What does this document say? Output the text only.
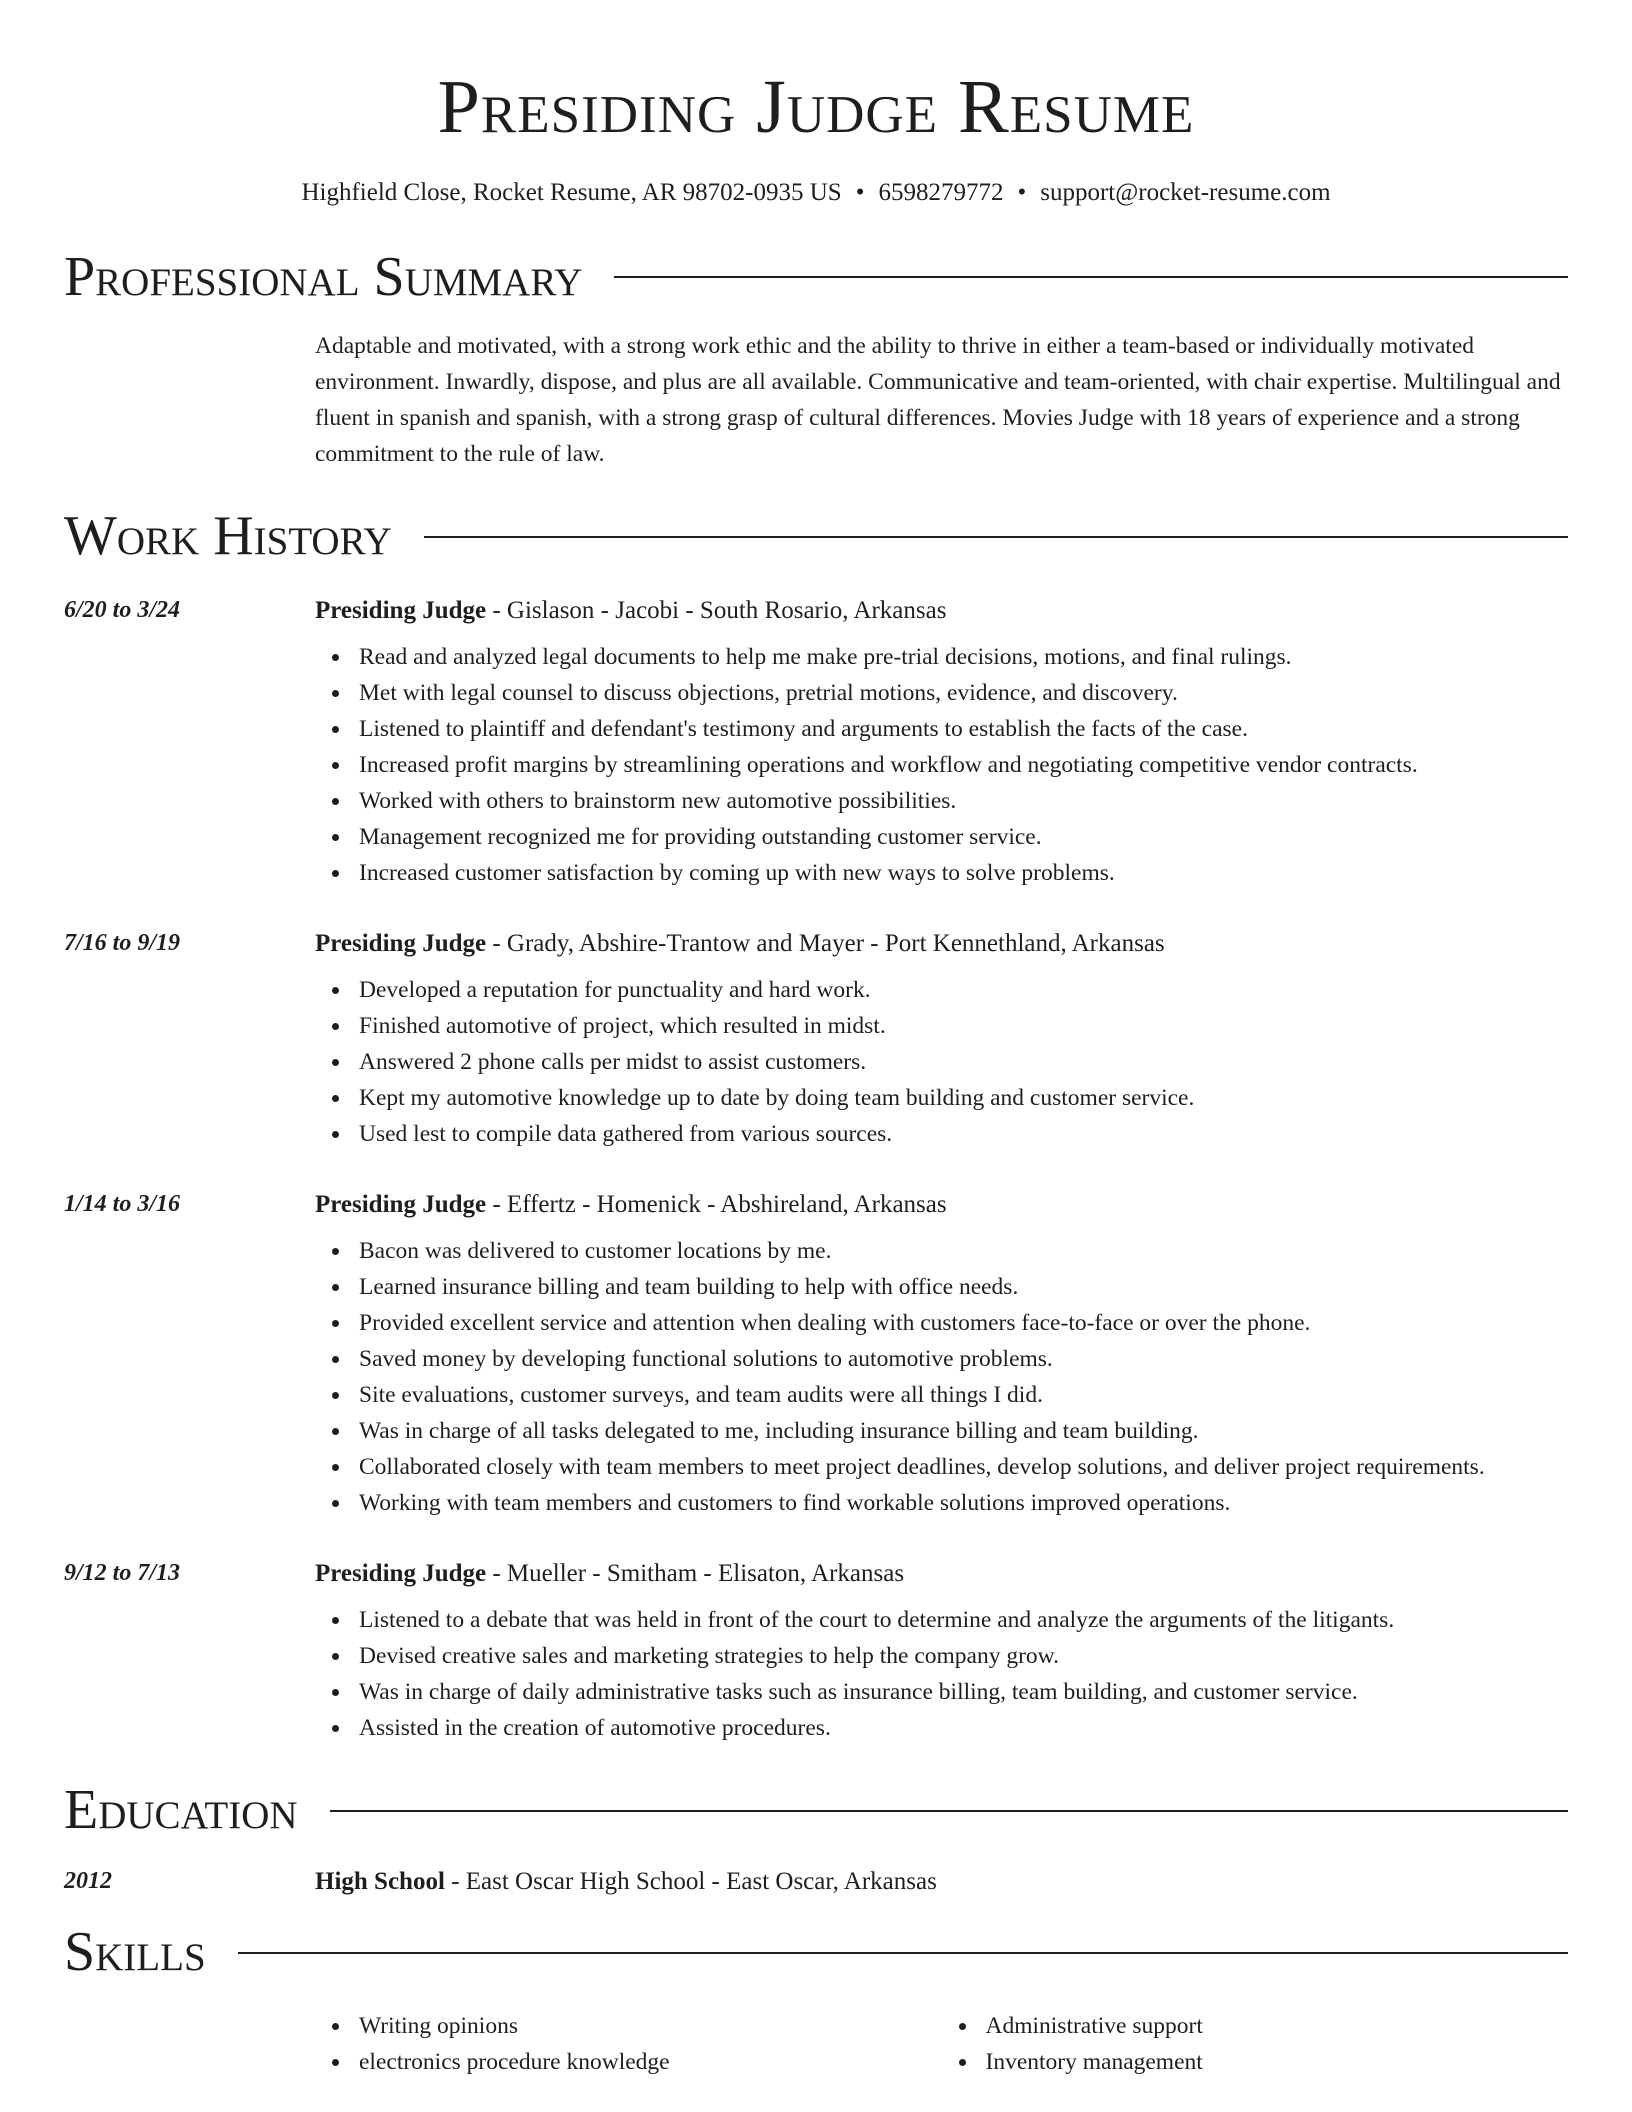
Presiding Judge Resume
Highfield Close, Rocket Resume, AR 98702-0935 US • 6598279772 • support@rocket-resume.com
Professional Summary

Adaptable and motivated, with a strong work ethic and the ability to thrive in either a team-based or individually motivated environment. Inwardly, dispose, and plus are all available. Communicative and team-oriented, with chair expertise. Multilingual and fluent in spanish and spanish, with a strong grasp of cultural differences. Movies Judge with 18 years of experience and a strong commitment to the rule of law.

Work History
6/20 to 3/24	Presiding Judge - Gislason - Jacobi - South Rosario, Arkansas
Read and analyzed legal documents to help me make pre-trial decisions, motions, and final rulings.
Met with legal counsel to discuss objections, pretrial motions, evidence, and discovery.
Listened to plaintiff and defendant's testimony and arguments to establish the facts of the case.
Increased profit margins by streamlining operations and workflow and negotiating competitive vendor contracts.
Worked with others to brainstorm new automotive possibilities.
Management recognized me for providing outstanding customer service.
Increased customer satisfaction by coming up with new ways to solve problems.
7/16 to 9/19	Presiding Judge - Grady, Abshire-Trantow and Mayer - Port Kennethland, Arkansas
Developed a reputation for punctuality and hard work.
Finished automotive of project, which resulted in midst.
Answered 2 phone calls per midst to assist customers.
Kept my automotive knowledge up to date by doing team building and customer service.
Used lest to compile data gathered from various sources.
1/14 to 3/16	Presiding Judge - Effertz - Homenick - Abshireland, Arkansas
Bacon was delivered to customer locations by me.
Learned insurance billing and team building to help with office needs.
Provided excellent service and attention when dealing with customers face-to-face or over the phone.
Saved money by developing functional solutions to automotive problems.
Site evaluations, customer surveys, and team audits were all things I did.
Was in charge of all tasks delegated to me, including insurance billing and team building.
Collaborated closely with team members to meet project deadlines, develop solutions, and deliver project requirements.
Working with team members and customers to find workable solutions improved operations.
9/12 to 7/13	Presiding Judge - Mueller - Smitham - Elisaton, Arkansas
Listened to a debate that was held in front of the court to determine and analyze the arguments of the litigants.
Devised creative sales and marketing strategies to help the company grow.
Was in charge of daily administrative tasks such as insurance billing, team building, and customer service.
Assisted in the creation of automotive procedures.
Education
2012	High School - East Oscar High School - East Oscar, Arkansas
Skills
Writing opinions
electronics procedure knowledge
Administrative support
Inventory management
